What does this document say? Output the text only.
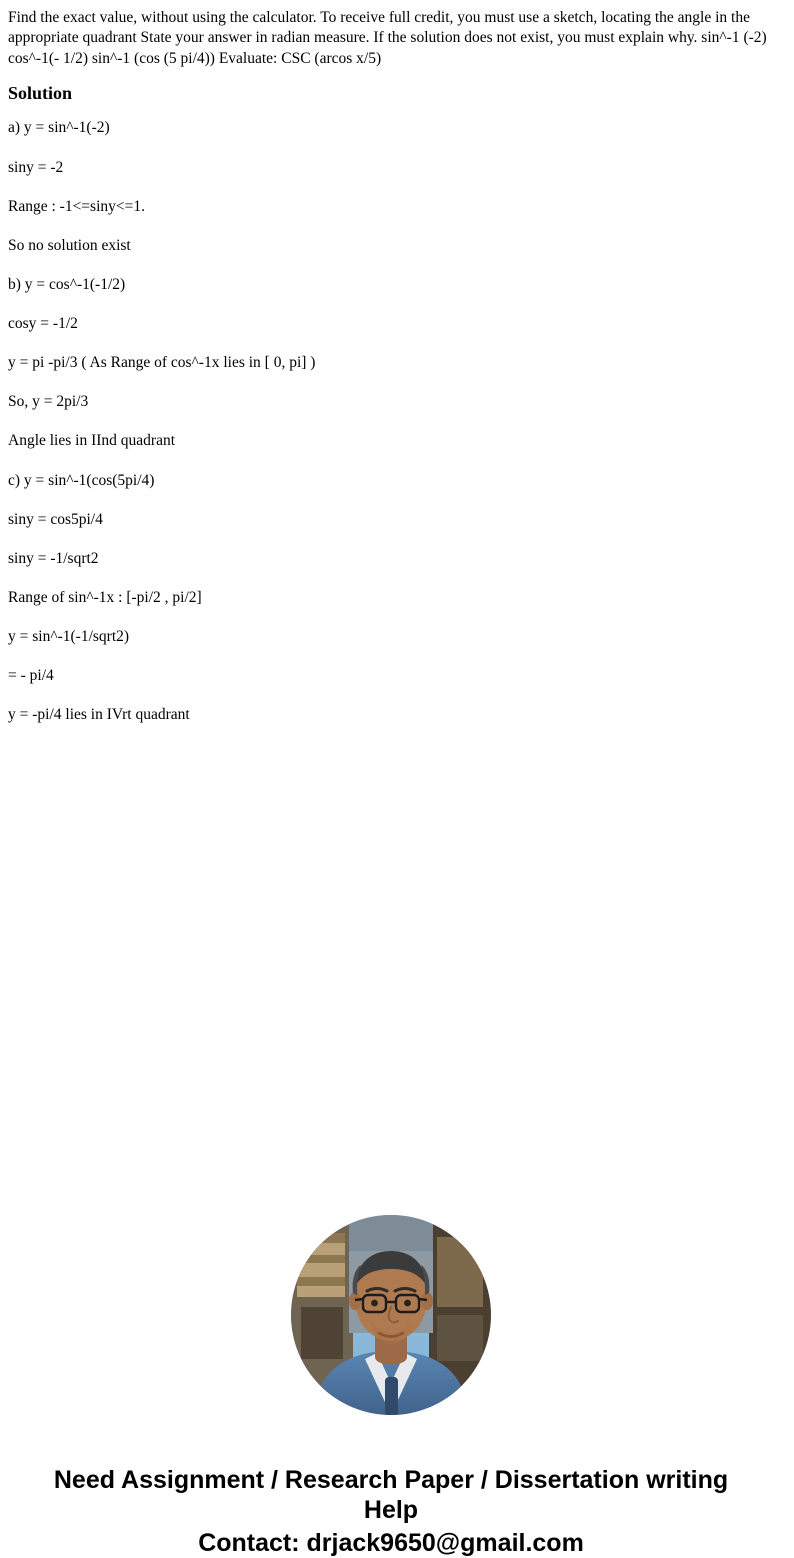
Find the exact value, without using the calculator. To receive full credit, you must use a sketch, locating the angle in the appropriate quadrant State your answer in radian measure. If the solution does not exist, you must explain why. sin^-1 (-2) cos^-1(- 1/2) sin^-1 (cos (5 pi/4)) Evaluate: CSC (arcos x/5)

Solution

a) y = sin^-1(-2)

siny = -2

Range : -1<=siny<=1.

So no solution exist

b) y = cos^-1(-1/2)

cosy = -1/2

y = pi -pi/3 ( As Range of cos^-1x lies in [ 0, pi] )

So, y = 2pi/3

Angle lies in IInd quadrant

c) y = sin^-1(cos(5pi/4)

siny = cos5pi/4

siny = -1/sqrt2

Range of sin^-1x : [-pi/2 , pi/2]

y = sin^-1(-1/sqrt2)

= - pi/4

y = -pi/4 lies in IVrt quadrant

Need Assignment / Research Paper / Dissertation writing Help
Contact: drjack9650@gmail.com
